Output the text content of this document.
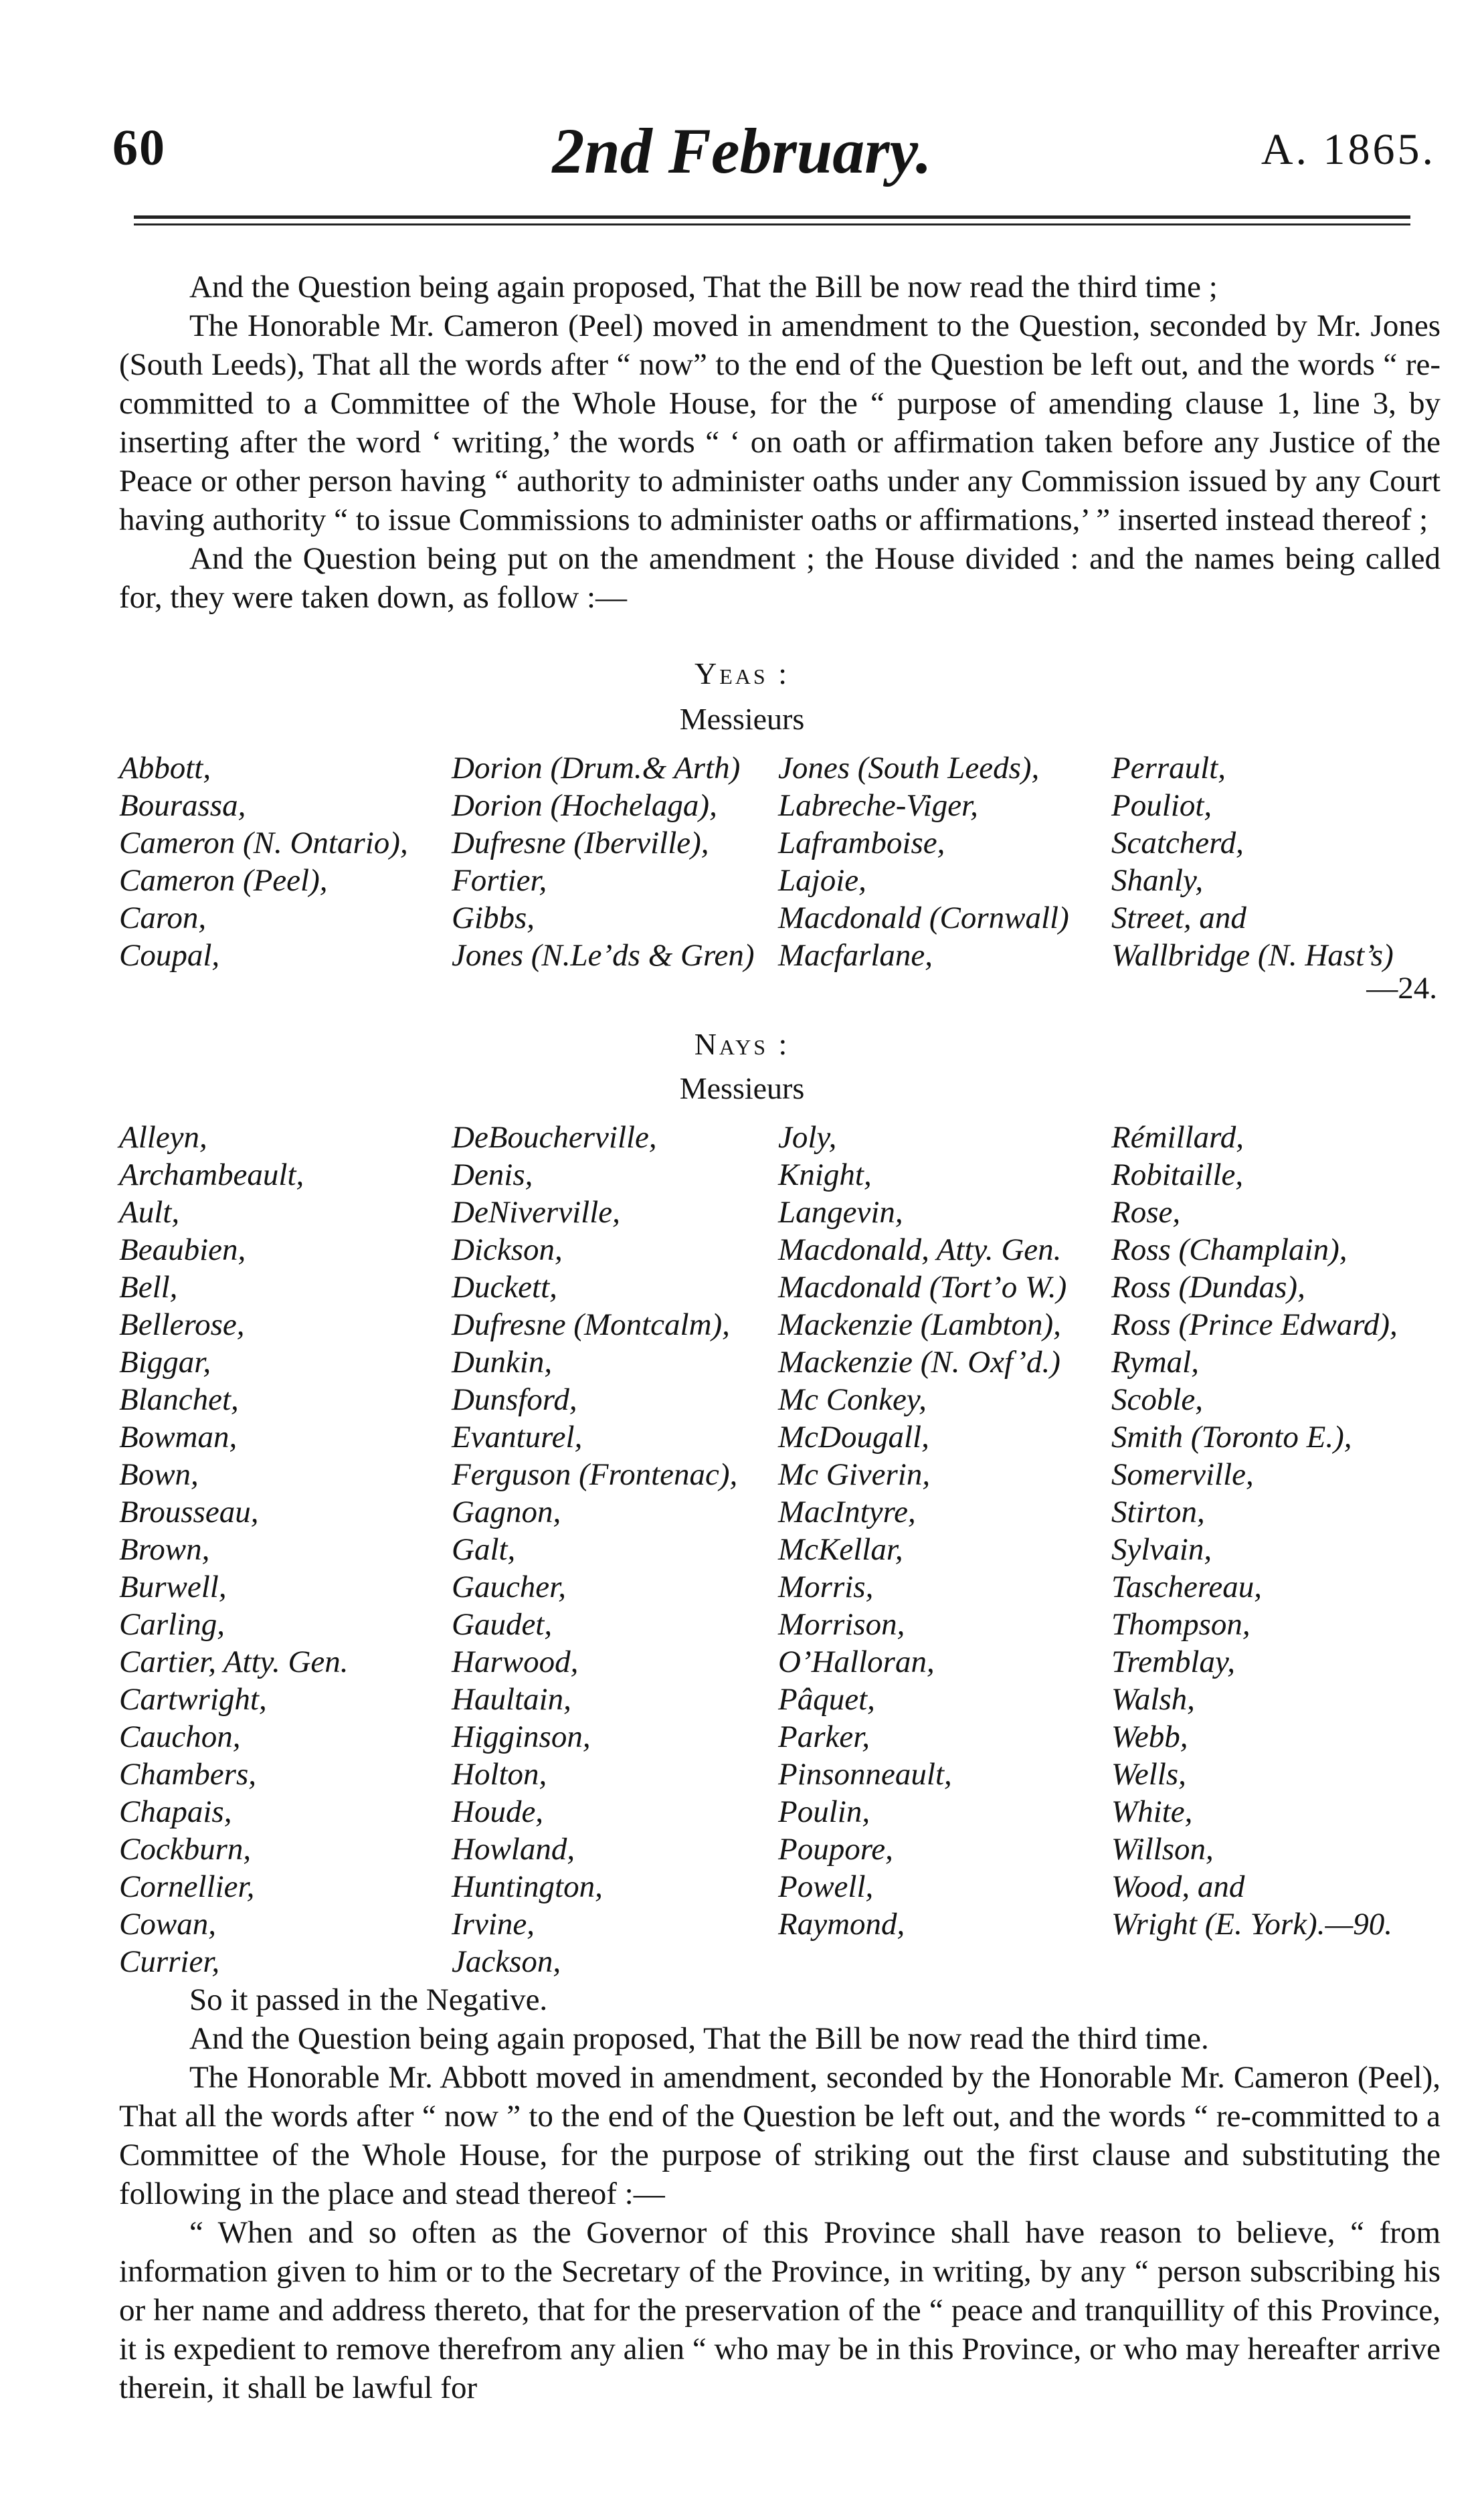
60	2nd February.	A. 1865.

And the Question being again proposed, That the Bill be now read the third time ;

The Honorable Mr. Cameron (Peel) moved in amendment to the Question, seconded by Mr. Jones (South Leeds), That all the words after “ now” to the end of the Question be left out, and the words “ re-committed to a Committee of the Whole House, for the “ purpose of amending clause 1, line 3, by inserting after the word ‘ writing,’ the words “ ‘ on oath or affirmation taken before any Justice of the Peace or other person having “ authority to administer oaths under any Commission issued by any Court having authority “ to issue Commissions to administer oaths or affirmations,’ ” inserted instead thereof ;

And the Question being put on the amendment ; the House divided : and the names being called for, they were taken down, as follow :—

Yeas :
Messieurs
Abbott,
Bourassa,
Cameron (N. Ontario),
Cameron (Peel),
Caron,
Coupal,
Dorion (Drum.& Arth)
Dorion (Hochelaga),
Dufresne (Iberville),
Fortier,
Gibbs,
Jones (N.Le’ds & Gren)
Jones (South Leeds),
Labreche-Viger,
Laframboise,
Lajoie,
Macdonald (Cornwall)
Macfarlane,
Perrault,
Pouliot,
Scatcherd,
Shanly,
Street, and
Wallbridge (N. Hast’s)
—24.
Nays :
Messieurs
Alleyn,
Archambeault,
Ault,
Beaubien,
Bell,
Bellerose,
Biggar,
Blanchet,
Bowman,
Bown,
Brousseau,
Brown,
Burwell,
Carling,
Cartier, Atty. Gen.
Cartwright,
Cauchon,
Chambers,
Chapais,
Cockburn,
Cornellier,
Cowan,
Currier,
DeBoucherville,
Denis,
DeNiverville,
Dickson,
Duckett,
Dufresne (Montcalm),
Dunkin,
Dunsford,
Evanturel,
Ferguson (Frontenac),
Gagnon,
Galt,
Gaucher,
Gaudet,
Harwood,
Haultain,
Higginson,
Holton,
Houde,
Howland,
Huntington,
Irvine,
Jackson,
Joly,
Knight,
Langevin,
Macdonald, Atty. Gen.
Macdonald (Tort’o W.)
Mackenzie (Lambton),
Mackenzie (N. Oxf’d.)
Mc Conkey,
McDougall,
Mc Giverin,
MacIntyre,
McKellar,
Morris,
Morrison,
O’Halloran,
Pâquet,
Parker,
Pinsonneault,
Poulin,
Poupore,
Powell,
Raymond,
Rémillard,
Robitaille,
Rose,
Ross (Champlain),
Ross (Dundas),
Ross (Prince Edward),
Rymal,
Scoble,
Smith (Toronto E.),
Somerville,
Stirton,
Sylvain,
Taschereau,
Thompson,
Tremblay,
Walsh,
Webb,
Wells,
White,
Willson,
Wood, and
Wright (E. York).—90.

So it passed in the Negative.

And the Question being again proposed, That the Bill be now read the third time.

The Honorable Mr. Abbott moved in amendment, seconded by the Honorable Mr. Cameron (Peel), That all the words after “ now ” to the end of the Question be left out, and the words “ re-committed to a Committee of the Whole House, for the purpose of striking out the first clause and substituting the following in the place and stead thereof :—

“ When and so often as the Governor of this Province shall have reason to believe, “ from information given to him or to the Secretary of the Province, in writing, by any “ person subscribing his or her name and address thereto, that for the preservation of the “ peace and tranquillity of this Province, it is expedient to remove therefrom any alien “ who may be in this Province, or who may hereafter arrive therein, it shall be lawful for
